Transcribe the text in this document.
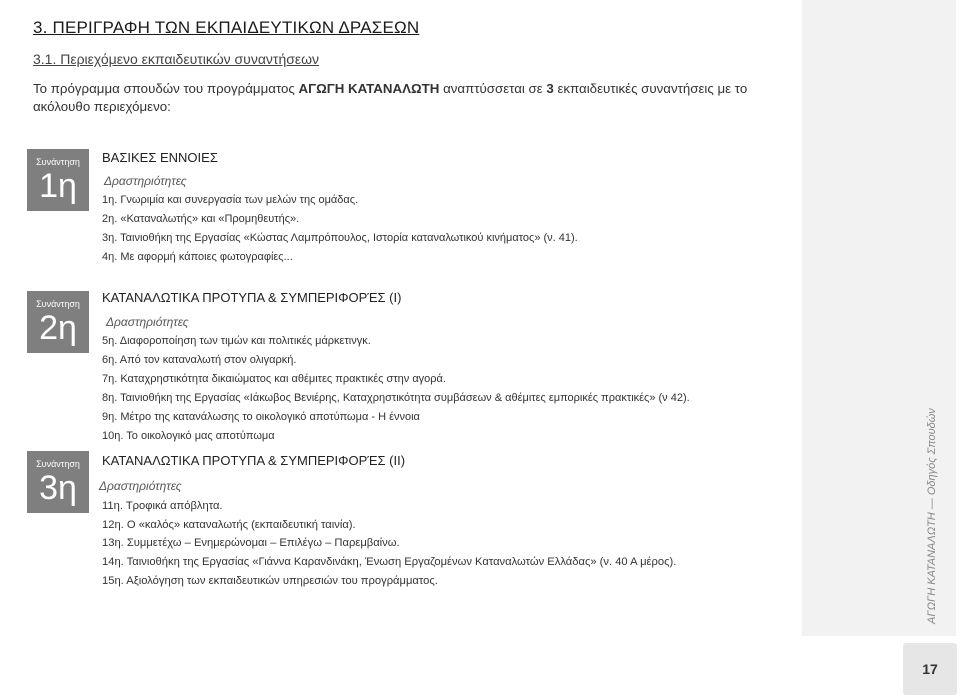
3. ΠΕΡΙΓΡΑΦΗ ΤΩΝ ΕΚΠΑΙΔΕΥΤΙΚΩΝ ΔΡΑΣΕΩΝ
3.1. Περιεχόμενο εκπαιδευτικών συναντήσεων
Το πρόγραμμα σπουδών του προγράμματος ΑΓΩΓΗ ΚΑΤΑΝΑΛΩΤΗ αναπτύσσεται σε 3 εκπαιδευτικές συναντήσεις με το ακόλουθο περιεχόμενο:
Συνάντηση
1η
ΒΑΣΙΚΕΣ ΕΝΝΟΙΕΣ
Δραστηριότητες
1η. Γνωριμία και συνεργασία των μελών της ομάδας.
2η. «Καταναλωτής» και «Προμηθευτής».
3η. Ταινιοθήκη της Εργασίας «Κώστας Λαμπρόπουλος, Ιστορία καταναλωτικού κινήματος» (ν. 41).
4η. Με αφορμή κάποιες φωτογραφίες...
Συνάντηση
2η
ΚΑΤΑΝΑΛΩΤΙΚΑ ΠΡΟΤΥΠΑ & ΣΥΜΠΕΡΙΦΟΡΈΣ (Ι)
Δραστηριότητες
5η. Διαφοροποίηση των τιμών και πολιτικές μάρκετινγκ.
6η. Από τον καταναλωτή στον ολιγαρκή.
7η. Καταχρηστικότητα δικαιώματος και αθέμιτες πρακτικές στην αγορά.
8η. Ταινιοθήκη της Εργασίας «Ιάκωβος Βενιέρης, Καταχρηστικότητα συμβάσεων & αθέμιτες εμπορικές πρακτικές» (ν 42).
9η. Μέτρο της κατανάλωσης το οικολογικό αποτύπωμα - Η έννοια
10η. Το οικολογικό μας αποτύπωμα
Συνάντηση
3η
ΚΑΤΑΝΑΛΩΤΙΚΑ ΠΡΟΤΥΠΑ & ΣΥΜΠΕΡΙΦΟΡΈΣ (ΙΙ)
Δραστηριότητες
11η. Τροφικά απόβλητα.
12η. Ο «καλός» καταναλωτής (εκπαιδευτική ταινία).
13η. Συμμετέχω – Ενημερώνομαι – Επιλέγω – Παρεμβαίνω.
14η. Ταινιοθήκη της Εργασίας «Γιάννα Καρανδινάκη, Ένωση Εργαζομένων Καταναλωτών Ελλάδας» (ν. 40 Α μέρος).
15η. Αξιολόγηση των εκπαιδευτικών υπηρεσιών του προγράμματος.	ΑΓΩΓΗ ΚΑΤΑΝΑΛΩΤΗ — Οδηγός Σπουδών
17
